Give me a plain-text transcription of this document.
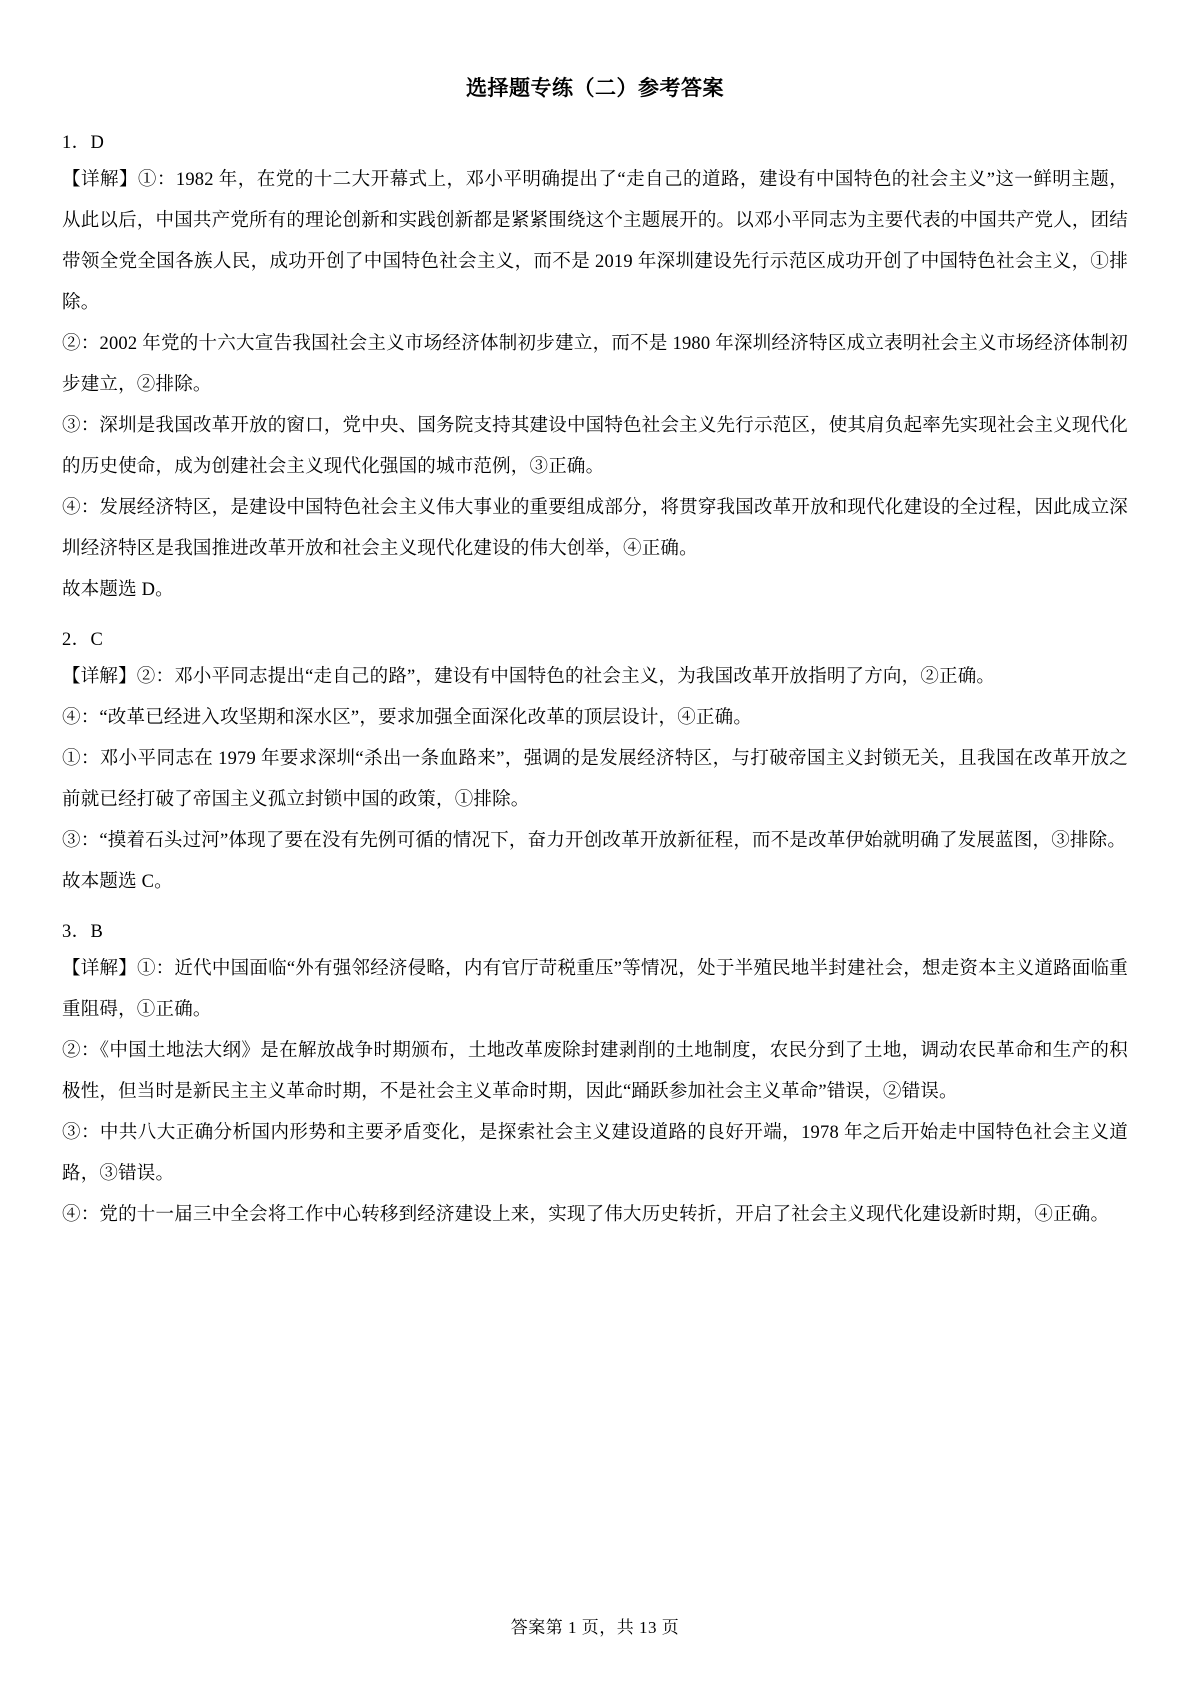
选择题专练（二）参考答案
1．D

【详解】①：1982 年，在党的十二大开幕式上，邓小平明确提出了“走自己的道路，建设有中国特色的社会主义”这一鲜明主题，从此以后，中国共产党所有的理论创新和实践创新都是紧紧围绕这个主题展开的。以邓小平同志为主要代表的中国共产党人，团结带领全党全国各族人民，成功开创了中国特色社会主义，而不是 2019 年深圳建设先行示范区成功开创了中国特色社会主义，①排除。

②：2002 年党的十六大宣告我国社会主义市场经济体制初步建立，而不是 1980 年深圳经济特区成立表明社会主义市场经济体制初步建立，②排除。

③：深圳是我国改革开放的窗口，党中央、国务院支持其建设中国特色社会主义先行示范区，使其肩负起率先实现社会主义现代化的历史使命，成为创建社会主义现代化强国的城市范例，③正确。

④：发展经济特区，是建设中国特色社会主义伟大事业的重要组成部分，将贯穿我国改革开放和现代化建设的全过程，因此成立深圳经济特区是我国推进改革开放和社会主义现代化建设的伟大创举，④正确。

故本题选 D。

2．C

【详解】②：邓小平同志提出“走自己的路”，建设有中国特色的社会主义，为我国改革开放指明了方向，②正确。

④：“改革已经进入攻坚期和深水区”，要求加强全面深化改革的顶层设计，④正确。

①：邓小平同志在 1979 年要求深圳“杀出一条血路来”，强调的是发展经济特区，与打破帝国主义封锁无关，且我国在改革开放之前就已经打破了帝国主义孤立封锁中国的政策，①排除。

③：“摸着石头过河”体现了要在没有先例可循的情况下，奋力开创改革开放新征程，而不是改革伊始就明确了发展蓝图，③排除。

故本题选 C。

3．B

【详解】①：近代中国面临“外有强邻经济侵略，内有官厅苛税重压”等情况，处于半殖民地半封建社会，想走资本主义道路面临重重阻碍，①正确。

②：《中国土地法大纲》是在解放战争时期颁布，土地改革废除封建剥削的土地制度，农民分到了土地，调动农民革命和生产的积极性，但当时是新民主主义革命时期，不是社会主义革命时期，因此“踊跃参加社会主义革命”错误，②错误。

③：中共八大正确分析国内形势和主要矛盾变化，是探索社会主义建设道路的良好开端，1978 年之后开始走中国特色社会主义道路，③错误。

④：党的十一届三中全会将工作中心转移到经济建设上来，实现了伟大历史转折，开启了社会主义现代化建设新时期，④正确。

答案第 1 页，共 13 页
